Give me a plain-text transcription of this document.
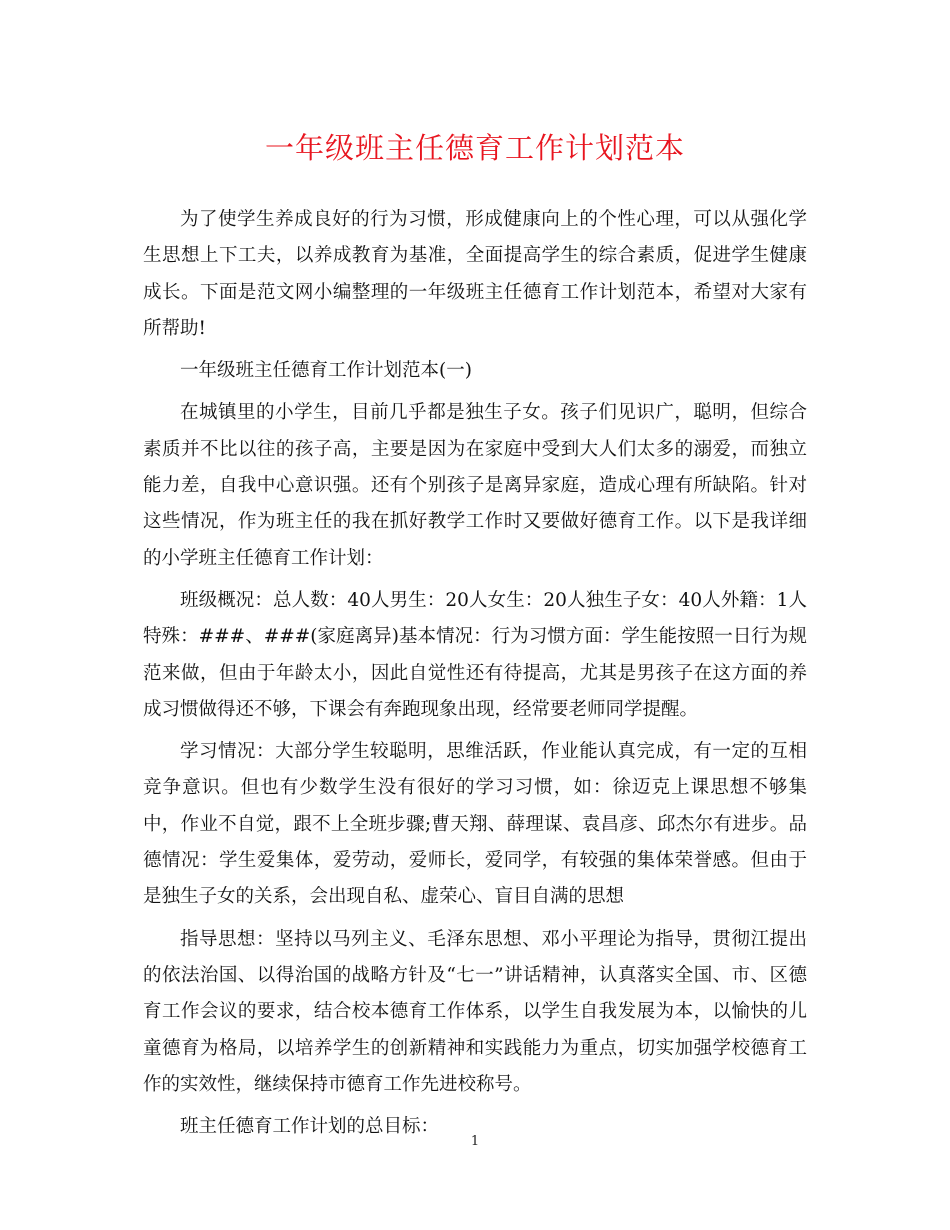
一年级班主任德育工作计划范本

为了使学生养成良好的行为习惯，形成健康向上的个性心理，可以从强化学生思想上下工夫，以养成教育为基准，全面提高学生的综合素质，促进学生健康成长。下面是范文网小编整理的一年级班主任德育工作计划范本，希望对大家有所帮助!

一年级班主任德育工作计划范本(一)

在城镇里的小学生，目前几乎都是独生子女。孩子们见识广，聪明，但综合素质并不比以往的孩子高，主要是因为在家庭中受到大人们太多的溺爱，而独立能力差，自我中心意识强。还有个别孩子是离异家庭，造成心理有所缺陷。针对这些情况，作为班主任的我在抓好教学工作时又要做好德育工作。以下是我详细的小学班主任德育工作计划：

班级概况：总人数：40人男生：20人女生：20人独生子女：40人外籍：1人特殊：###、###(家庭离异)基本情况：行为习惯方面：学生能按照一日行为规范来做，但由于年龄太小，因此自觉性还有待提高，尤其是男孩子在这方面的养成习惯做得还不够，下课会有奔跑现象出现，经常要老师同学提醒。

学习情况：大部分学生较聪明，思维活跃，作业能认真完成，有一定的互相竞争意识。但也有少数学生没有很好的学习习惯，如：徐迈克上课思想不够集中，作业不自觉，跟不上全班步骤;曹天翔、薛理谋、袁昌彦、邱杰尔有进步。品德情况：学生爱集体，爱劳动，爱师长，爱同学，有较强的集体荣誉感。但由于是独生子女的关系，会出现自私、虚荣心、盲目自满的思想

指导思想：坚持以马列主义、毛泽东思想、邓小平理论为指导，贯彻江提出的依法治国、以得治国的战略方针及“七一”讲话精神，认真落实全国、市、区德育工作会议的要求，结合校本德育工作体系，以学生自我发展为本，以愉快的儿童德育为格局，以培养学生的创新精神和实践能力为重点，切实加强学校德育工作的实效性，继续保持市德育工作先进校称号。

班主任德育工作计划的总目标：

1
